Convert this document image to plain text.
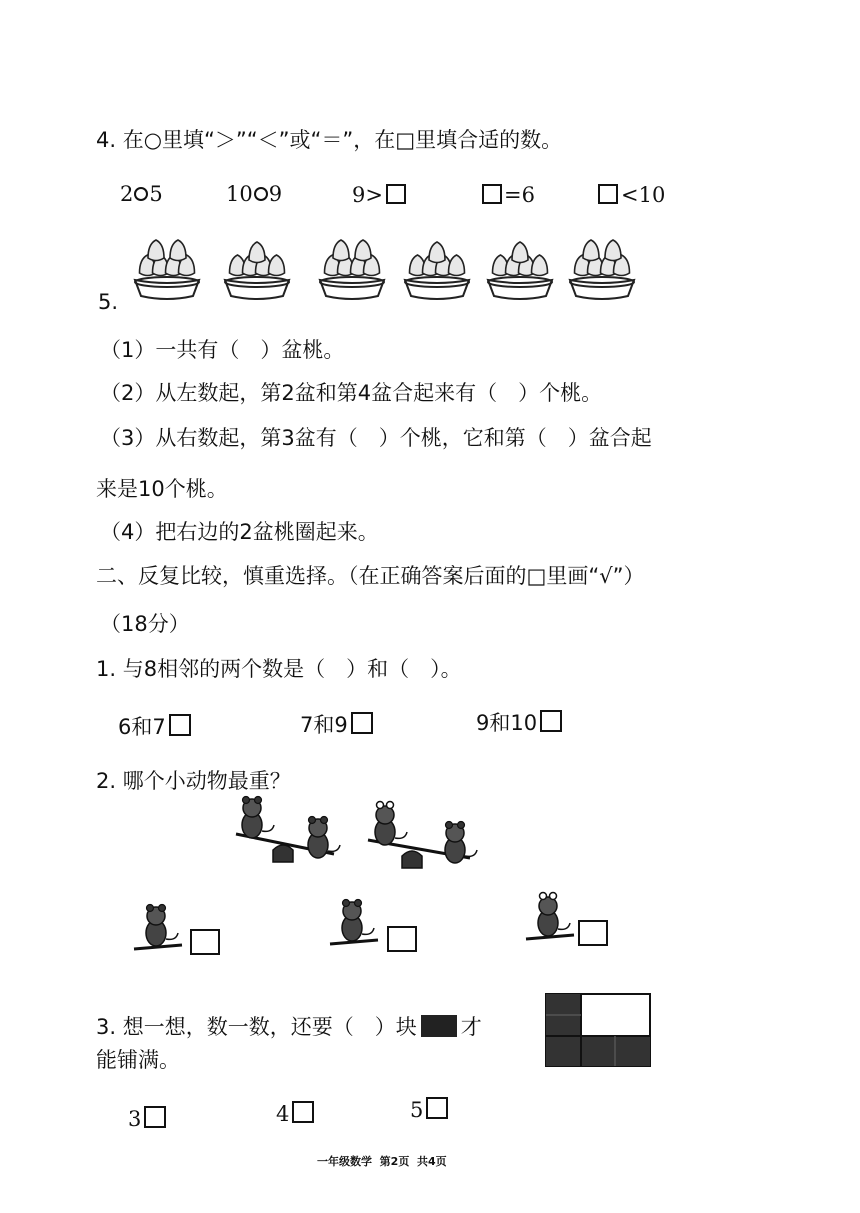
4. 在○里填“＞”“＜”或“＝”，在□里填合适的数。
2 5	10 9	9>	=6	<10
5.
（1）一共有（　）盆桃。
（2）从左数起，第2盆和第4盆合起来有（　）个桃。
（3）从右数起，第3盆有（　）个桃，它和第（　）盆合起
来是10个桃。
（4）把右边的2盆桃圈起来。
二、反复比较，慎重选择。（在正确答案后面的□里画“√”）
（18分）
1. 与8相邻的两个数是（　）和（　）。
6和7	7和9	9和10
2. 哪个小动物最重？
3. 想一想，数一数，还要（　）块 才
能铺满。
3	4	5
一年级数学 第2页 共4页
